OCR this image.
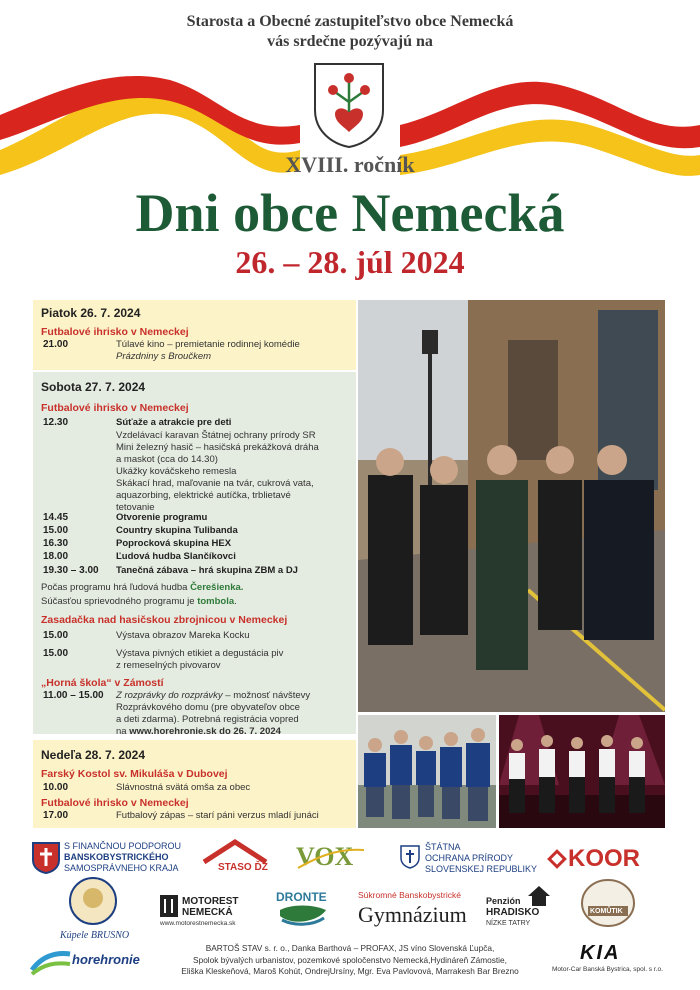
Starosta a Obecné zastupiteľstvo obce Nemecká
vás srdečne pozývajú na
XVIII. ročník
Dni obce Nemecká
26. – 28. júl 2024
Piatok 26. 7. 2024
Futbalové ihrisko v Nemeckej
21.00	Túlavé kino – premietanie rodinnej komédie
Prázdniny s Broučkem
Sobota 27. 7. 2024
Futbalové ihrisko v Nemeckej
12.30	Súťaže a atrakcie pre deti
Vzdelávací karavan Štátnej ochrany prírody SR
Mini železný hasič – hasičská prekážková dráha
a maskot (cca do 14.30)
Ukážky kováčskeho remesla
Skákací hrad, maľovanie na tvár, cukrová vata,
aquazorbing, elektrické autíčka, trblietavé
tetovanie
14.45	Otvorenie programu
15.00	Country skupina Tulibanda
16.30	Poprocková skupina HEX
18.00	Ľudová hudba Slančíkovci
19.30 – 3.00 Tanečná zábava – hrá skupina ZBM a DJ
Počas programu hrá ľudová hudba Čerešienka.
Súčasťou sprievodného programu je tombola.
Zasadačka nad hasičskou zbrojnicou v Nemeckej
15.00	Výstava obrazov Mareka Kocku
15.00	Výstava pivných etikiet a degustácia piv
z remeselných pivovarov
„Horná škola“ v Zámostí
11.00 – 15.00 Z rozprávky do rozprávky – možnosť návštevy
Rozprávkového domu (pre obyvateľov obce
a deti zdarma). Potrebná registrácia vopred
na www.horehronie.sk do 26. 7. 2024
Nedeľa 28. 7. 2024
Farský Kostol sv. Mikuláša v Dubovej
10.00	Slávnostná svätá omša za obec
Futbalové ihrisko v Nemeckej
17.00	Futbalový zápas – starí páni verzus mladí junáci
S FINANČNOU PODPOROU
BANSKOBYSTRICKÉHO
SAMOSPRÁVNEHO KRAJA	STASO ĎZ VOX	ŠTÁTNA
OCHRANA PRÍRODY
SLOVENSKEJ REPUBLIKY	KOOR
Kúpele BRUSNO
MOTOREST
NEMECKÁ
www.motorestnemecka.sk
DRONTE	Súkromné Banskobystrické
Gymnázium
Penzión
HRADISKO
NÍZKE TATRY
KOMŮTIK
horehronie
BARTOŠ STAV s. r. o., Danka Barthová – PROFAX, JS víno Slovenská Ľupča,
Spolok bývalých urbanistov, pozemkové spoločenstvo Nemecká,Hydináreň Zámostie,
Eliška Kleskeňová, Maroš Kohút, OndrejUrsíny, Mgr. Eva Pavlovová, Marrakesh Bar Brezno
KIA
Motor-Car Banská Bystrica, spol. s r.o.
